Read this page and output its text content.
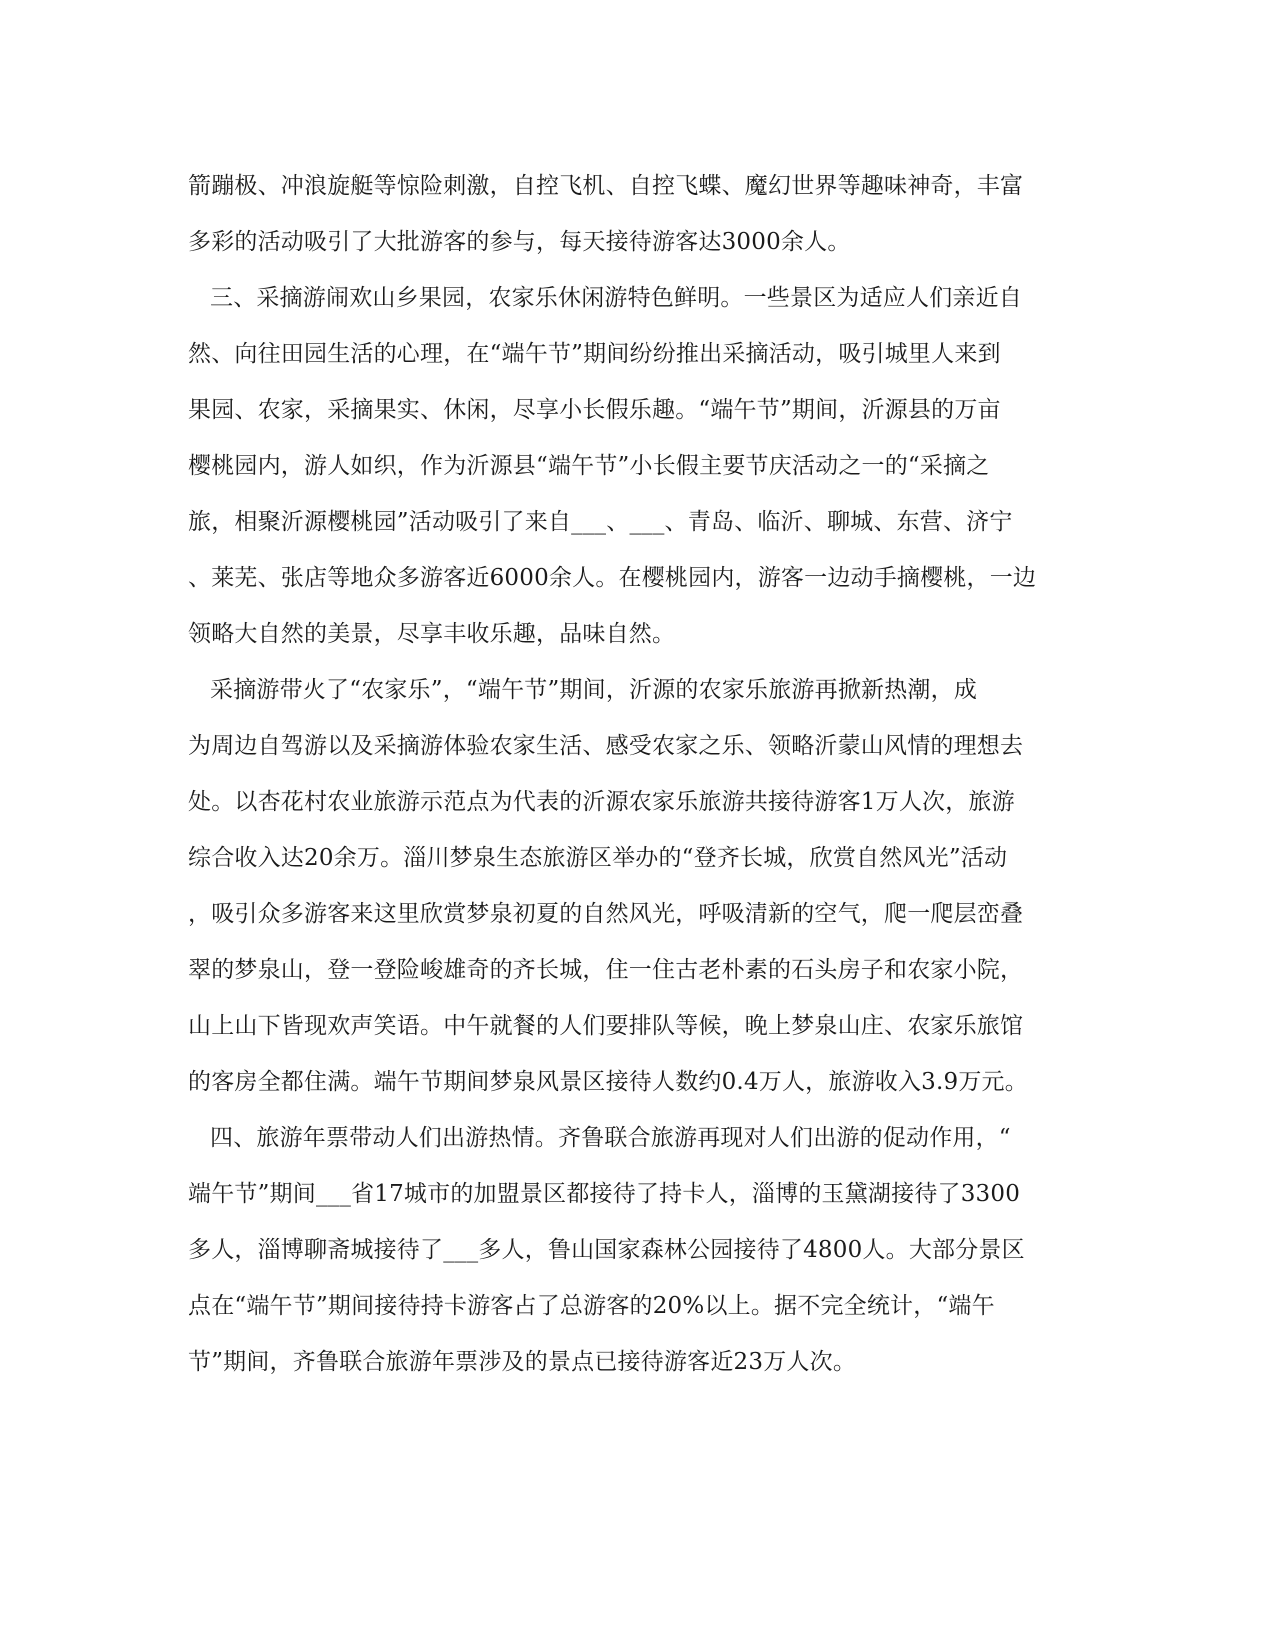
箭蹦极、冲浪旋艇等惊险刺激，自控飞机、自控飞蝶、魔幻世界等趣味神奇，丰富
多彩的活动吸引了大批游客的参与，每天接待游客达3000余人。
三、采摘游闹欢山乡果园，农家乐休闲游特色鲜明。一些景区为适应人们亲近自
然、向往田园生活的心理，在“端午节”期间纷纷推出采摘活动，吸引城里人来到
果园、农家，采摘果实、休闲，尽享小长假乐趣。“端午节”期间，沂源县的万亩
樱桃园内，游人如织，作为沂源县“端午节”小长假主要节庆活动之一的“采摘之
旅，相聚沂源樱桃园”活动吸引了来自___、___、青岛、临沂、聊城、东营、济宁
、莱芜、张店等地众多游客近6000余人。在樱桃园内，游客一边动手摘樱桃，一边
领略大自然的美景，尽享丰收乐趣，品味自然。
采摘游带火了“农家乐”，“端午节”期间，沂源的农家乐旅游再掀新热潮，成
为周边自驾游以及采摘游体验农家生活、感受农家之乐、领略沂蒙山风情的理想去
处。以杏花村农业旅游示范点为代表的沂源农家乐旅游共接待游客1万人次，旅游
综合收入达20余万。淄川梦泉生态旅游区举办的“登齐长城，欣赏自然风光”活动
，吸引众多游客来这里欣赏梦泉初夏的自然风光，呼吸清新的空气，爬一爬层峦叠
翠的梦泉山，登一登险峻雄奇的齐长城，住一住古老朴素的石头房子和农家小院，
山上山下皆现欢声笑语。中午就餐的人们要排队等候，晚上梦泉山庄、农家乐旅馆
的客房全都住满。端午节期间梦泉风景区接待人数约0.4万人，旅游收入3.9万元。
四、旅游年票带动人们出游热情。齐鲁联合旅游再现对人们出游的促动作用，“
端午节”期间___省17城市的加盟景区都接待了持卡人，淄博的玉黛湖接待了3300
多人，淄博聊斋城接待了___多人，鲁山国家森林公园接待了4800人。大部分景区
点在“端午节”期间接待持卡游客占了总游客的20%以上。据不完全统计，“端午
节”期间，齐鲁联合旅游年票涉及的景点已接待游客近23万人次。
